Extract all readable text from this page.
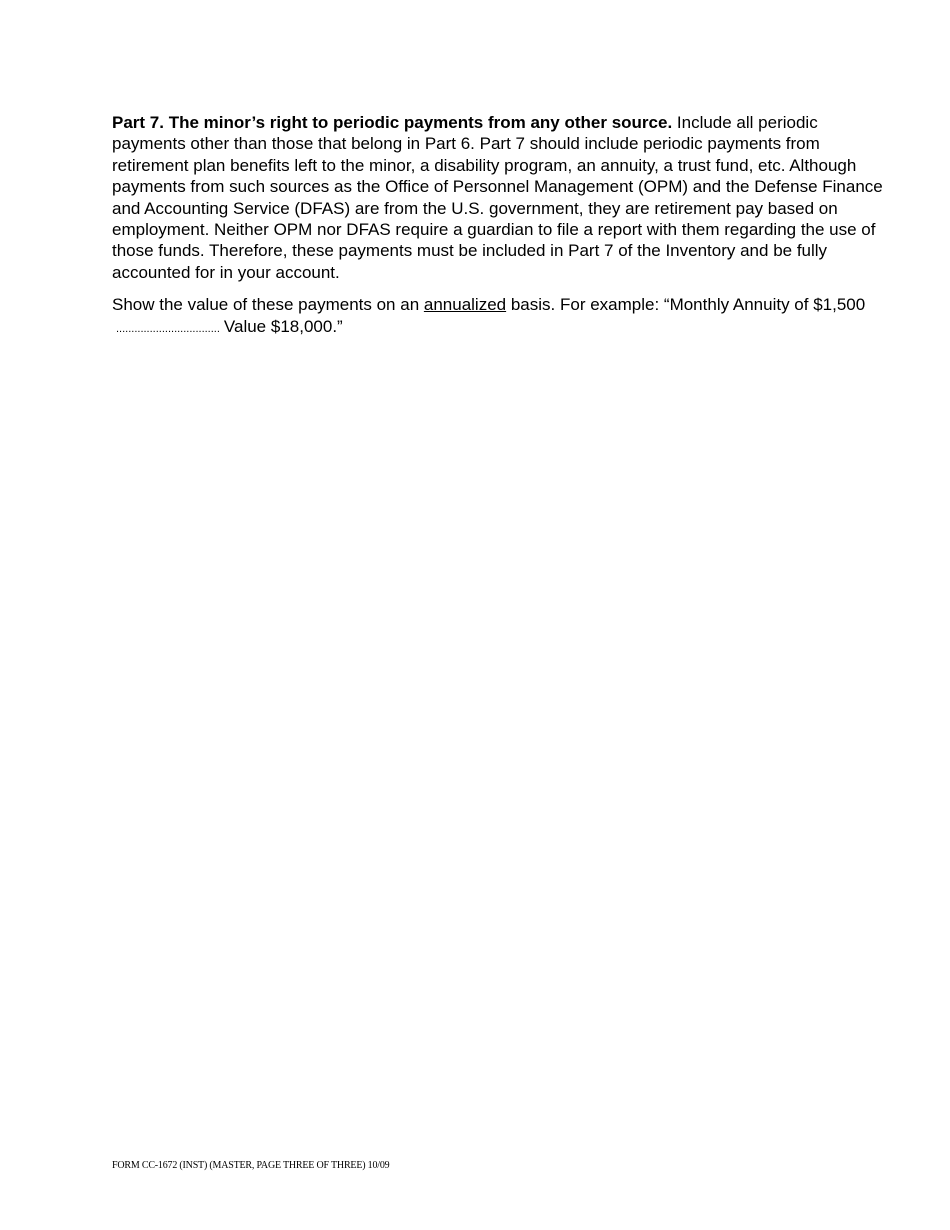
Part 7. The minor’s right to periodic payments from any other source. Include all periodic payments other than those that belong in Part 6. Part 7 should include periodic payments from retirement plan benefits left to the minor, a disability program, an annuity, a trust fund, etc. Although payments from such sources as the Office of Personnel Management (OPM) and the Defense Finance and Accounting Service (DFAS) are from the U.S. government, they are retirement pay based on employment. Neither OPM nor DFAS require a guardian to file a report with them regarding the use of those funds. Therefore, these payments must be included in Part 7 of the Inventory and be fully accounted for in your account.

Show the value of these payments on an annualized basis. For example: “Monthly Annuity of $1,500.................................. Value $18,000.”

FORM CC-1672 (INST) (MASTER, PAGE THREE OF THREE) 10/09
